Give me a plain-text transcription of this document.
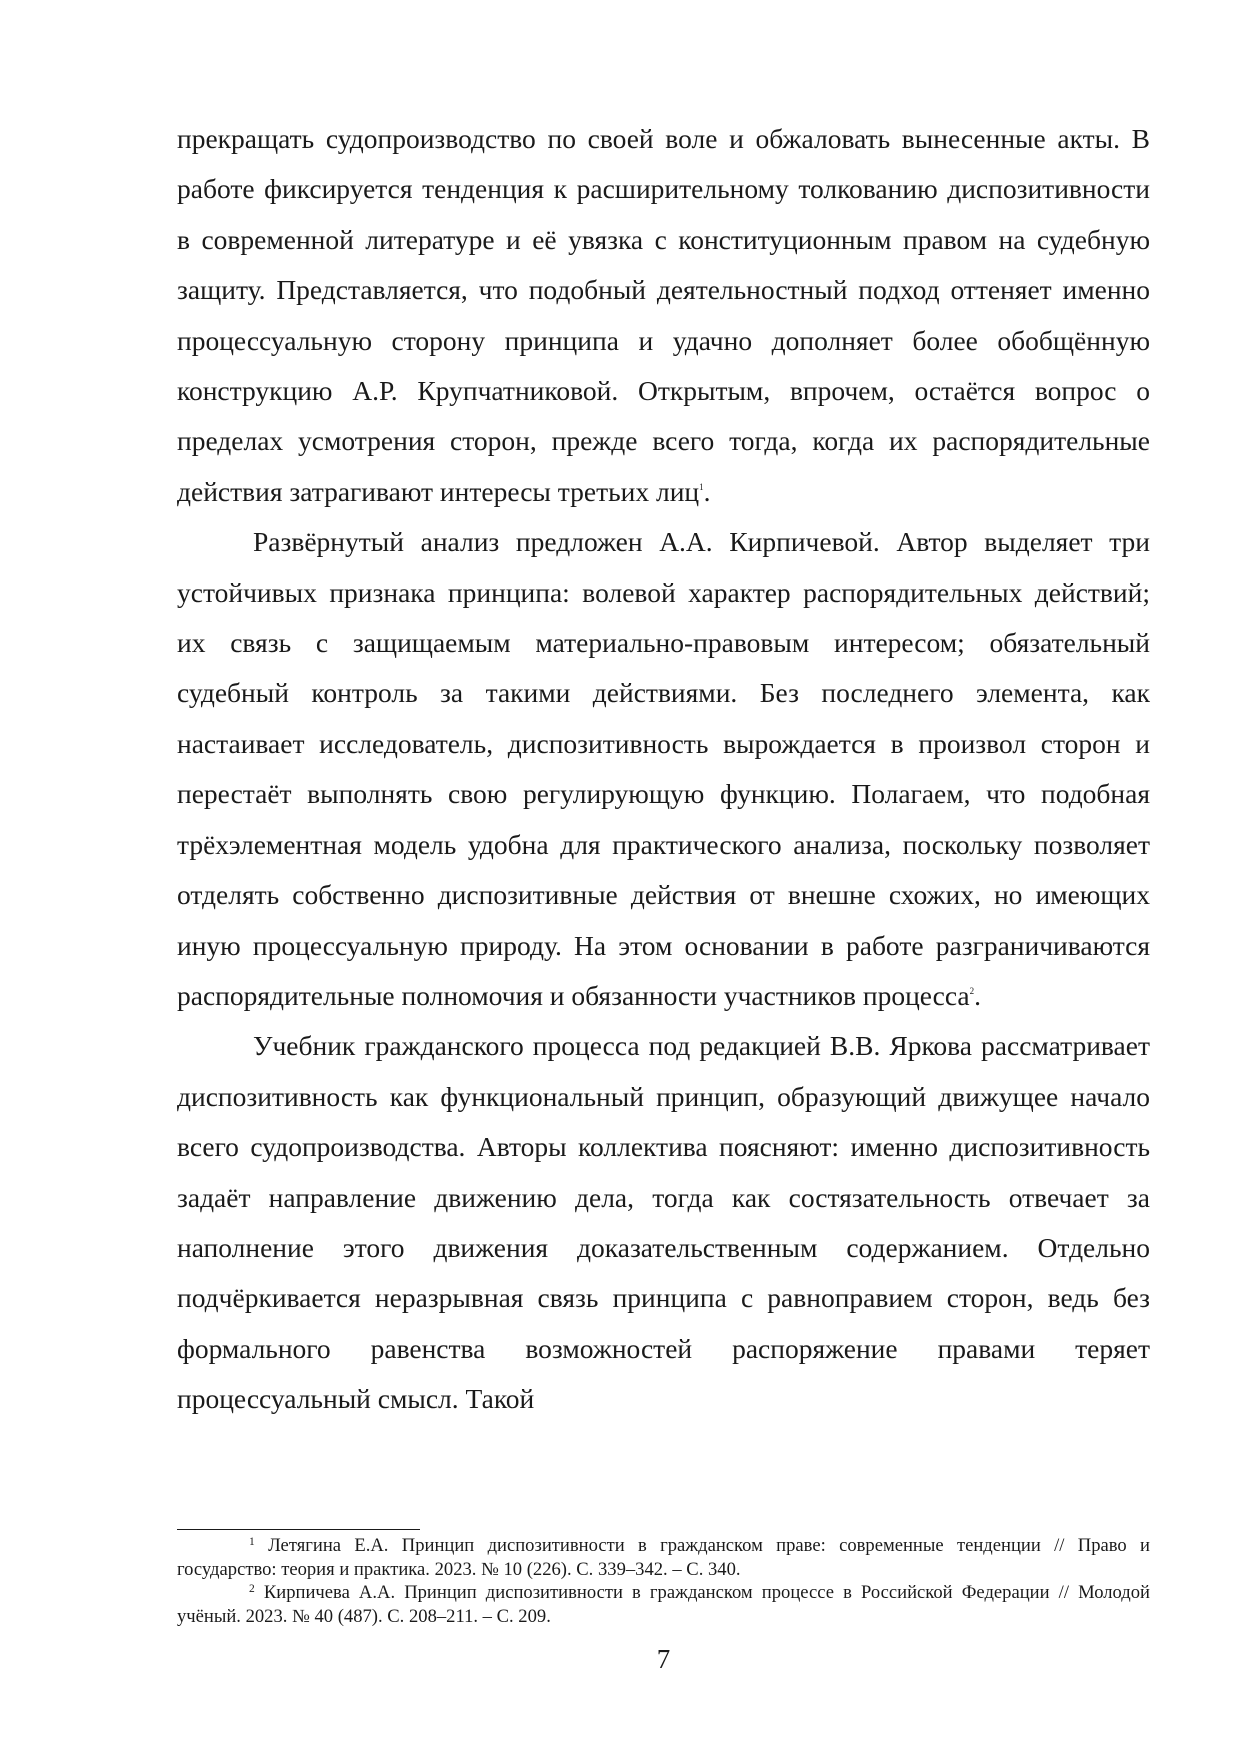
прекращать судопроизводство по своей воле и обжаловать вынесенные акты. В работе фиксируется тенденция к расширительному толкованию диспозитивности в современной литературе и её увязка с конституционным правом на судебную защиту. Представляется, что подобный деятельностный подход оттеняет именно процессуальную сторону принципа и удачно дополняет более обобщённую конструкцию А.Р. Крупчатниковой. Открытым, впрочем, остаётся вопрос о пределах усмотрения сторон, прежде всего тогда, когда их распорядительные действия затрагивают интересы третьих лиц$^1$.

Развёрнутый анализ предложен А.А. Кирпичевой. Автор выделяет три устойчивых признака принципа: волевой характер распорядительных действий; их связь с защищаемым материально-правовым интересом; обязательный судебный контроль за такими действиями. Без последнего элемента, как настаивает исследователь, диспозитивность вырождается в произвол сторон и перестаёт выполнять свою регулирующую функцию. Полагаем, что подобная трёхэлементная модель удобна для практического анализа, поскольку позволяет отделять собственно диспозитивные действия от внешне схожих, но имеющих иную процессуальную природу. На этом основании в работе разграничиваются распорядительные полномочия и обязанности участников процесса$^2$.

Учебник гражданского процесса под редакцией В.В. Яркова рассматривает диспозитивность как функциональный принцип, образующий движущее начало всего судопроизводства. Авторы коллектива поясняют: именно диспозитивность задаёт направление движению дела, тогда как состязательность отвечает за наполнение этого движения доказательственным содержанием. Отдельно подчёркивается неразрывная связь принципа с равноправием сторон, ведь без формального равенства возможностей распоряжение правами теряет процессуальный смысл. Такой

$^1$ Летягина Е.А. Принцип диспозитивности в гражданском праве: современные тенденции // Право и государство: теория и практика. 2023. № 10 (226). С. 339–342. – С. 340.

$^2$ Кирпичева А.А. Принцип диспозитивности в гражданском процессе в Российской Федерации // Молодой учёный. 2023. № 40 (487). С. 208–211. – С. 209.

7
